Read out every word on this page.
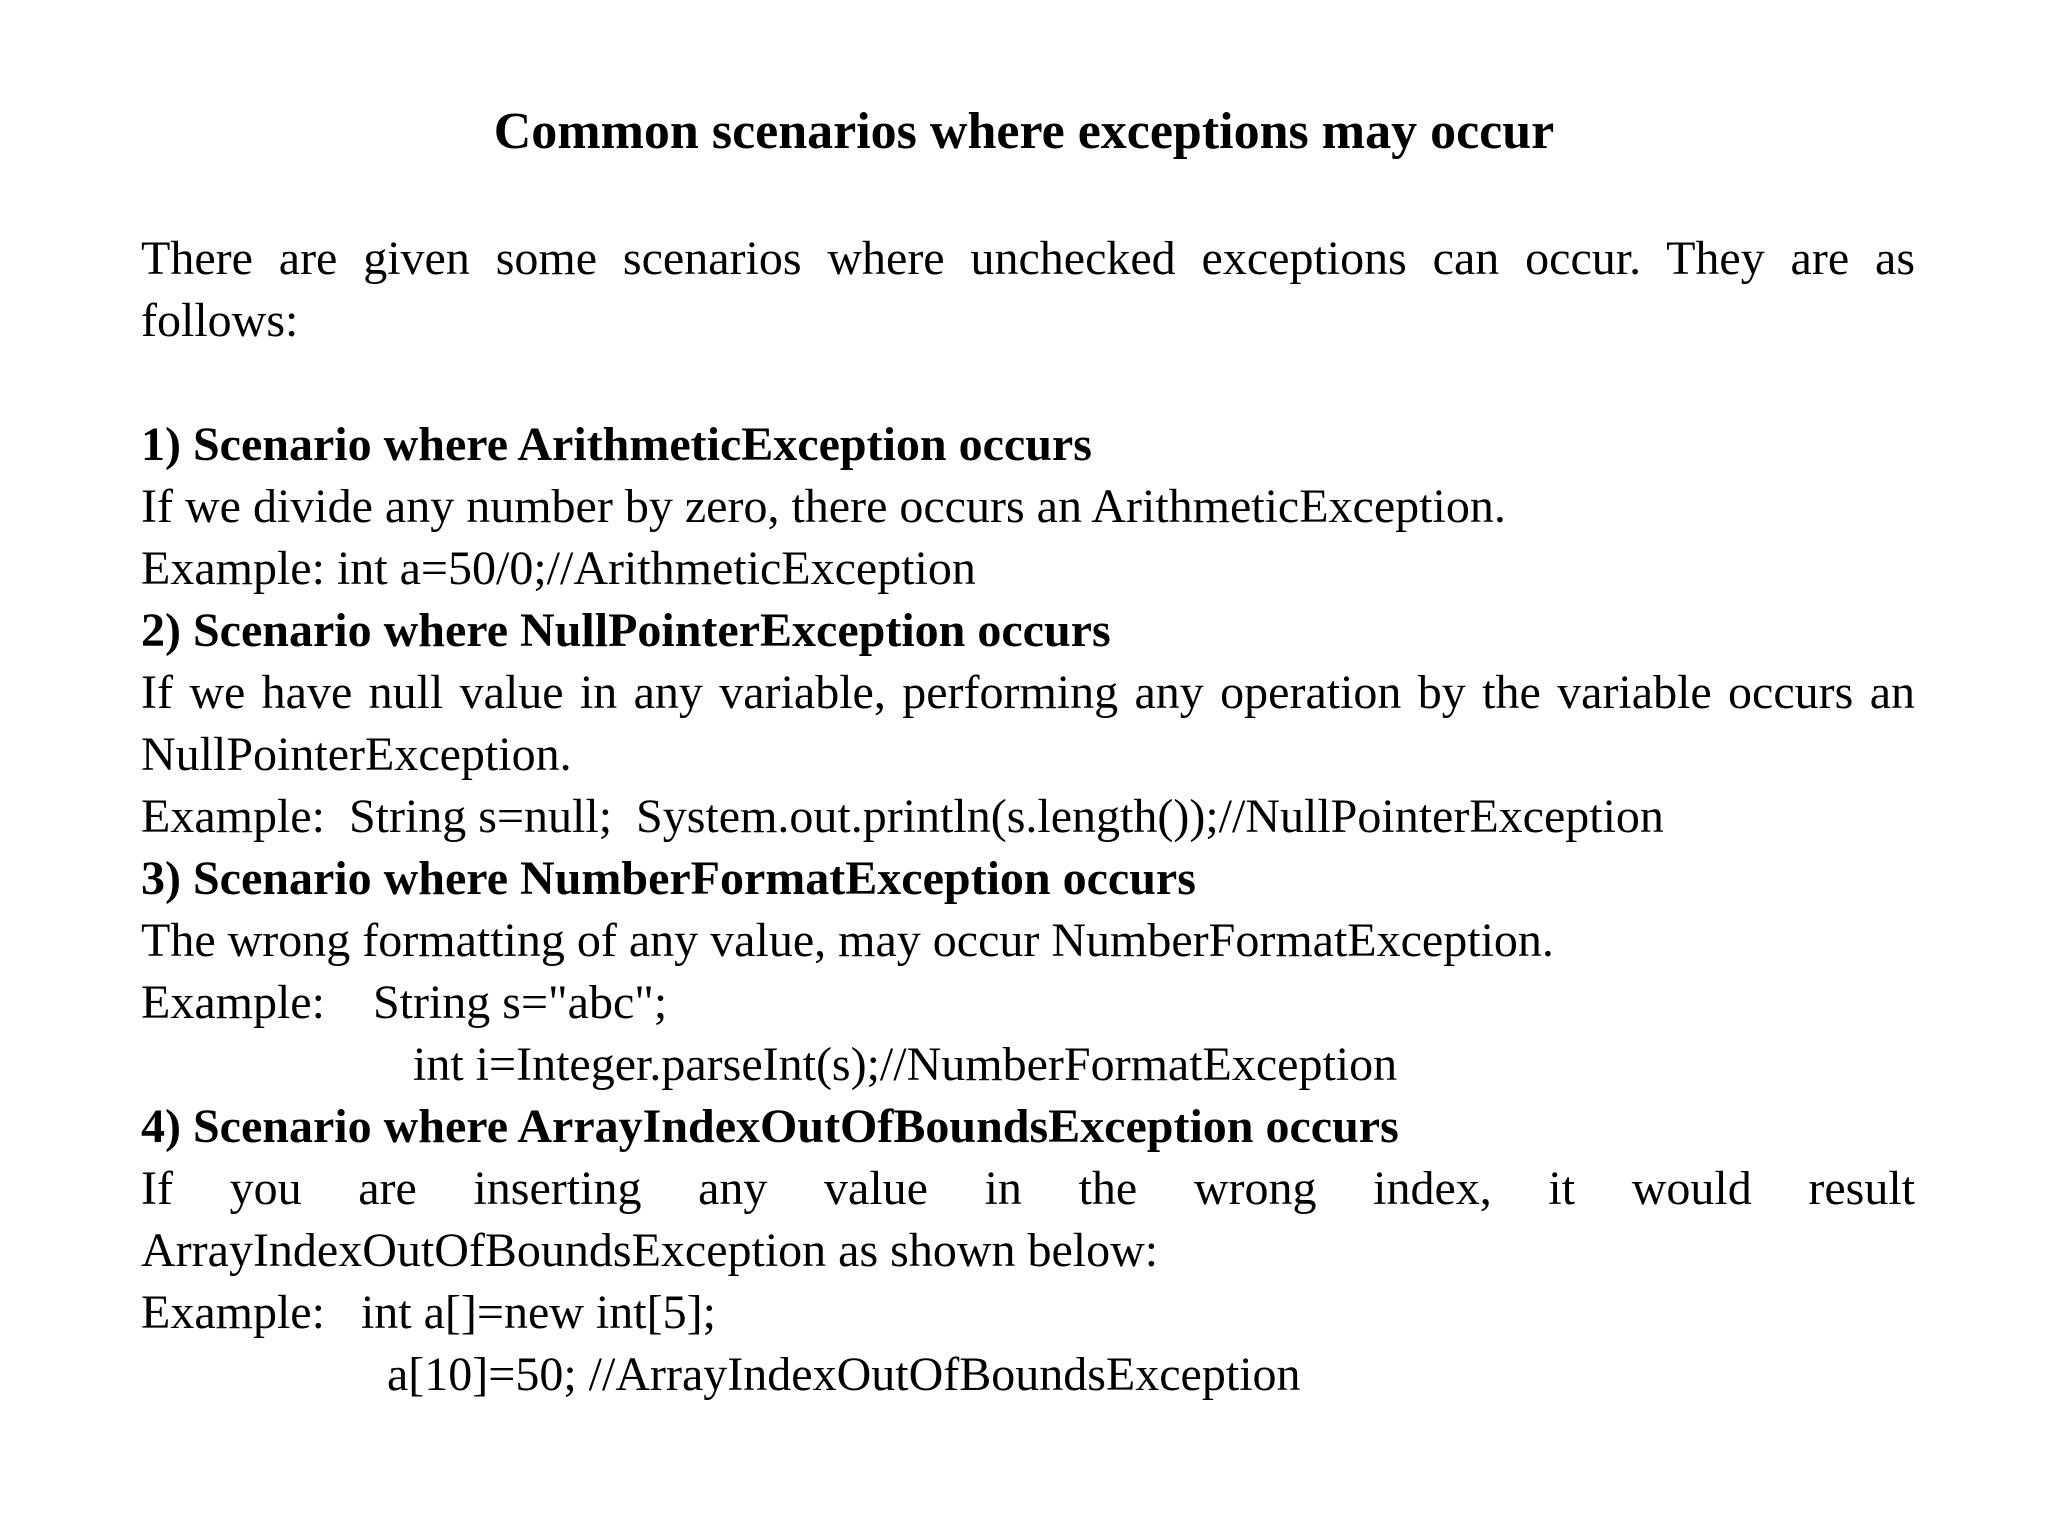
Common scenarios where exceptions may occur

There are given some scenarios where unchecked exceptions can occur. They are as follows:

1) Scenario where ArithmeticException occurs

If we divide any number by zero, there occurs an ArithmeticException.

Example: int a=50/0;//ArithmeticException

2) Scenario where NullPointerException occurs

If we have null value in any variable, performing any operation by the variable occurs an NullPointerException.

Example: String s=null;  System.out.println(s.length());//NullPointerException

3) Scenario where NumberFormatException occurs

The wrong formatting of any value, may occur NumberFormatException.

Example: String s="abc";

int i=Integer.parseInt(s);//NumberFormatException

4) Scenario where ArrayIndexOutOfBoundsException occurs

If you are inserting any value in the wrong index, it would result ArrayIndexOutOfBoundsException as shown below:

Example: int a[]=new int[5];

a[10]=50; //ArrayIndexOutOfBoundsException
